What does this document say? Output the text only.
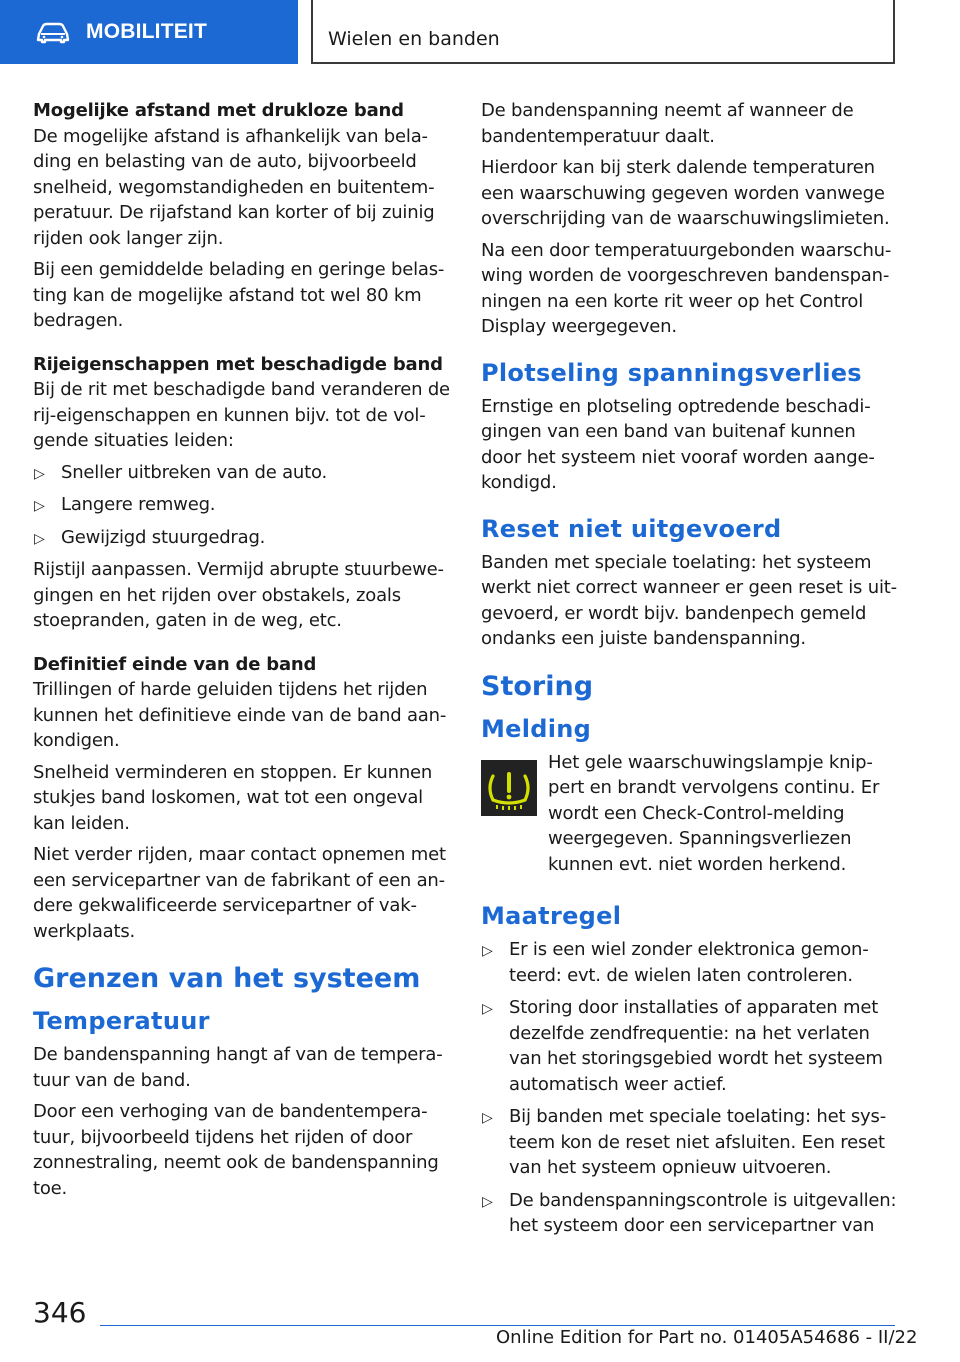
MOBILITEIT	Wielen en banden

Mogelijke afstand met drukloze band

De mogelijke afstand is afhankelijk van belading en belasting van de auto, bijvoorbeeld snelheid, wegomstandigheden en buitentemperatuur. De rijafstand kan korter of bij zuinig rijden ook langer zijn.

Bij een gemiddelde belading en geringe belasting kan de mogelijke afstand tot wel 80 km bedragen.

Rijeigenschappen met beschadigde band

Bij de rit met beschadigde band veranderen de rij-eigenschappen en kunnen bijv. tot de volgende situaties leiden:

▷ Sneller uitbreken van de auto.
▷ Langere remweg.
▷ Gewijzigd stuurgedrag.

Rijstijl aanpassen. Vermijd abrupte stuurbewegingen en het rijden over obstakels, zoals stoepranden, gaten in de weg, etc.

Definitief einde van de band

Trillingen of harde geluiden tijdens het rijden kunnen het definitieve einde van de band aankondigen.

Snelheid verminderen en stoppen. Er kunnen stukjes band loskomen, wat tot een ongeval kan leiden.

Niet verder rijden, maar contact opnemen met een servicepartner van de fabrikant of een andere gekwalificeerde servicepartner of vakwerkplaats.

Grenzen van het systeem
Temperatuur

De bandenspanning hangt af van de temperatuur van de band.

Door een verhoging van de bandentemperatuur, bijvoorbeeld tijdens het rijden of door zonnestraling, neemt ook de bandenspanning toe.

De bandenspanning neemt af wanneer de bandentemperatuur daalt.

Hierdoor kan bij sterk dalende temperaturen een waarschuwing gegeven worden vanwege overschrijding van de waarschuwingslimieten.

Na een door temperatuurgebonden waarschuwing worden de voorgeschreven bandenspanningen na een korte rit weer op het Control Display weergegeven.

Plotseling spanningsverlies

Ernstige en plotseling optredende beschadigingen van een band van buitenaf kunnen door het systeem niet vooraf worden aangekondigd.

Reset niet uitgevoerd

Banden met speciale toelating: het systeem werkt niet correct wanneer er geen reset is uitgevoerd, er wordt bijv. bandenpech gemeld ondanks een juiste bandenspanning.

Storing
Melding

Het gele waarschuwingslampje knippert en brandt vervolgens continu. Er wordt een Check-Control-melding weergegeven. Spanningsverliezen kunnen evt. niet worden herkend.

Maatregel
▷ Er is een wiel zonder elektronica gemonteerd: evt. de wielen laten controleren.
▷ Storing door installaties of apparaten met dezelfde zendfrequentie: na het verlaten van het storingsgebied wordt het systeem automatisch weer actief.
▷ Bij banden met speciale toelating: het systeem kon de reset niet afsluiten. Een reset van het systeem opnieuw uitvoeren.
▷ De bandenspanningscontrole is uitgevallen: het systeem door een servicepartner van
346
Online Edition for Part no. 01405A54686 - II/22
